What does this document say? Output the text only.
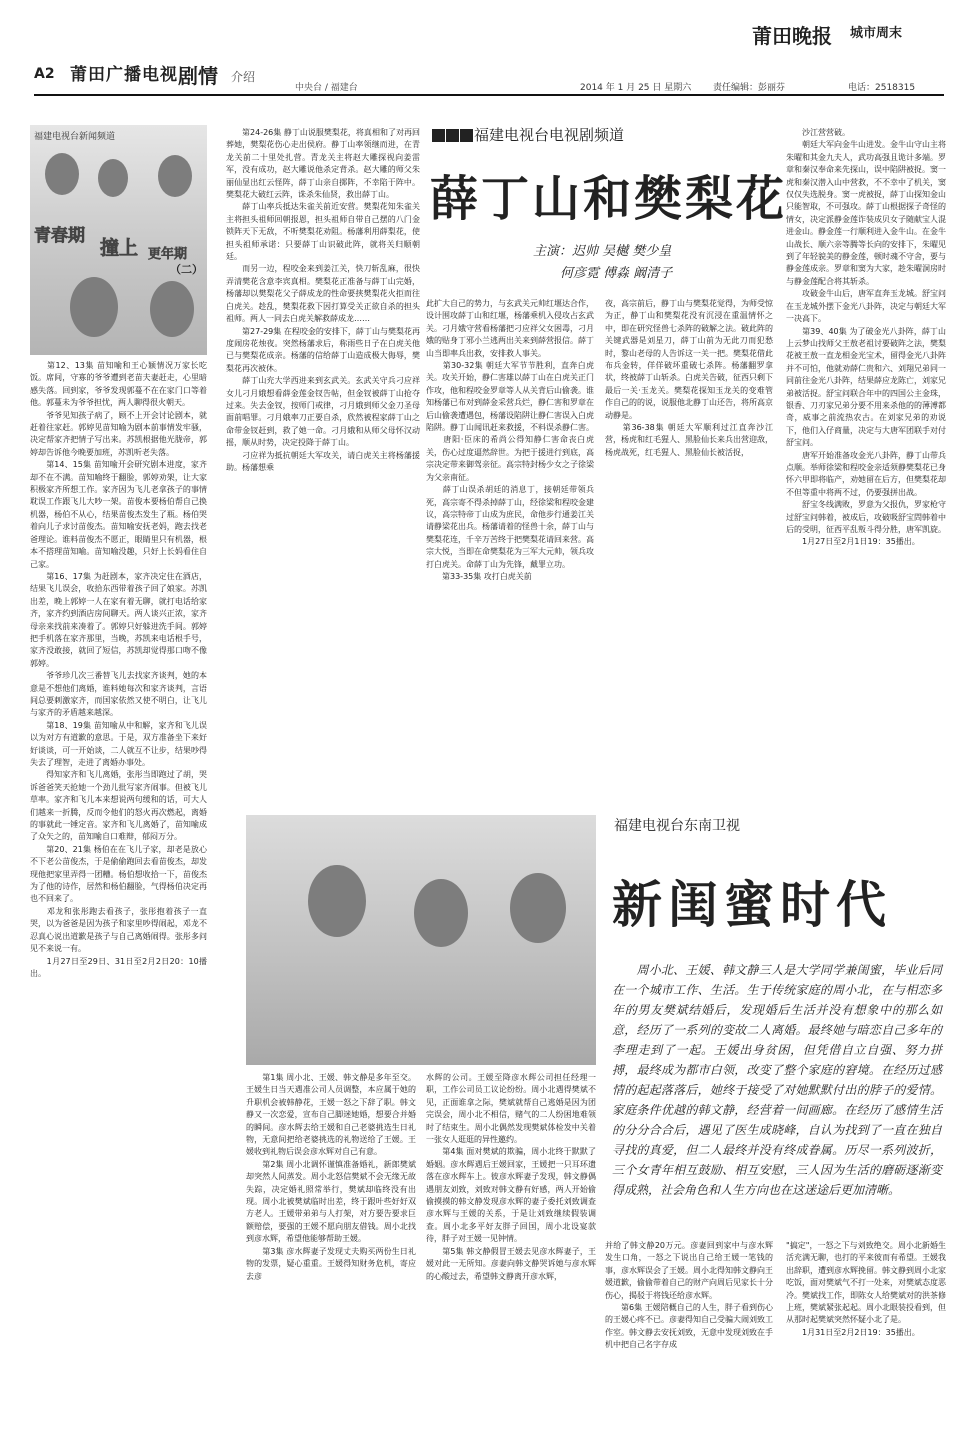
莆田晚报 城市周末
A2 莆田广播电视 剧情 介绍
中央台 / 福建台	2014 年 1 月 25 日 星期六 责任编辑：彭丽芬	电话：2518315
福建电视台新闻频道
青春期
撞上 更年期
（二）
　　第12、13集 苗知喻和王心颖情况万家长吃饭。席间，守寡的爷爷遭到老苗夫妻赶走，心里暗感失落。回到家，爷爷发现郭蔓不在在家门口等着他。郭蔓未为爷爷担忧，两人聊得很火朝天。
　　爷爷见知孩子病了，顾不上开会讨论剧本，就赶着往家赶。郭婷见苗知喻为剧本前事情发牢骚，决定帮家齐把情子写出来。苏凯根据他光胧帝，郭婷却告诉他今晚要加班，苏凯听老失落。
　　第14、15集 苗知喻开会研究剧本进度，家齐却不在不满。苗知喻终于翻脸，郭婷劝架，让大家积极家齐所想工作。家齐因为飞儿老拿孩子的事情耽误工作跟飞儿大吵一架。苗俊本要杨伯帮自己换机器，杨伯不从心，结果苗俊杰发生了瓶。杨伯哭着向儿子求讨苗俊杰。苗知喻安抚老妈，跑去找老爸理论。谁料苗俊杰不愿正，眼睛里只有机器，根本不搭理苗知喻。苗知喻没趣，只好上长妈看住自己家。
　　第16、17集 为赶剧本，家齐决定住在酒店，结果飞儿误会，收拾东西带着孩子回了娘家。苏凯出差，晚上郭婷一人在家有着无聊，就打电话给家齐，家齐约到酒店房间聊天。两人谈兴正浓，家齐母亲来找前来凑着了。郭婷只好躲进洗手间。郭婷把手机落在家齐那里，当晚，苏凯来电话根手号，家齐没敢接，就回了短信，苏凯却觉得那口吻不像郭婷。
　　爷爷珍几次三番替飞儿去找家齐谈判，她的本意是不想他们离婚，谁料她每次和家齐谈判，言语间总要刺激家齐，而国家依然又使不明白，让飞儿与家齐的矛盾越来越深。
　　第18、19集 苗知喻从中和解，家齐和飞儿误以为对方有道歉的意思。于是，双方准备坐下来好好谈谈，可一开始谈，二人就互不让步，结果吵得失去了理智，走进了离婚办事处。
　　得知家齐和飞儿离婚，张彤当即跑过了胡，哭诉爸爸笑天抢她一个劲儿批写家齐闹事。但被飞儿草率。家齐和飞儿本来想说两句缓和的话，可大人们越来一折腾，反而令他们的怒火再次燃起，离婚的事就此一锤定音。家齐和飞儿离婚了，苗知喻成了众矢之的，苗知喻自口难辩，郁闷万分。
　　第20、21集 杨伯在在飞儿子家，却老是放心不下老公苗俊杰，于是偷偷跑回去看苗俊杰，却发现他把家里弄得一团糟。杨伯想收拾一下，苗俊杰为了他的诗作，居然和杨伯翻脸，气得杨伯决定再也不回来了。
　　邓龙和张彤跑去看孩子，张彤抱着孩子一直哭，以为爸爸是因为孩子和家里吵得闹起，邓龙不忍真心说出道歉是孩子与自己离婚闹得。张彤多问见不来说一有。
　　1月27日至29日、31日至2月2日20：10播出。
　　第24-26集 静丁山说服樊梨花，将真相和了对再回葬她，樊梨花伤心走出侯府。静丁山率领继而进，在青龙关前二十里处扎营。青龙关主将赵大雕探视向姜雷军，没有成功，赵大雕说他杀定背杀。赵大雕的师父朱丽仙显出红云怪阵，薛丁山亲自掷阵，不幸陷于阵中。樊梨花大破红云阵，诛杀朱仙贤，救出薛丁山。
　　薛丁山率兵抵达朱雀关前近安营。樊梨花知朱雀关主将担头祖师回朝报恩，担头祖师自带自己摆的八门金锁阵天下无敌，不听樊梨花劝阻。杨藩利用薛梨花，使担头祖师承诺：只要薛丁山识破此阵，就将关归顺朝廷。
　　而另一边，程咬金来到姜江关，快刀斩乱麻，很快弄清樊花含意李宾真相。樊梨花正准备与薛丁山完婚，杨藩却以樊梨花父子薛成龙的性命要挟樊梨花火拒而往白虎关。趁乱，樊梨花救下因打算受关正欲自杀的担头祖师。两人一同去白虎关解救薛成龙……
　　第27-29集 在程咬金的安排下，薛丁山与樊梨花再度闹房花烛夜。突然杨藩求后，称雨些日子在白虎关他已与樊梨花成亲。杨藩的信给薛丁山造成极大侮辱，樊梨花再次被休。
　　薛丁山充大学西进来到玄武关。玄武关守兵刁应祥女儿刁月娥想看薛金莲金钗告帖，但金钗被薛丁山抢夺过来。失去金钗，按师门戒律，刁月娥到师父金刀圣母面前唱罪。刁月娥率刀正要自杀，欣然被程家薛丁山之命带金钗赶到，救了她一命。刁月娥和从师父母怀汉动摇，顺从时势，决定投降于薛丁山。
　　刁应祥为抵抗朝廷大军攻关，请白虎关主将杨藩援助。杨藩想乘
福建电视台电视剧频道
薛丁山和樊梨花
主演：迟帅 吴樾 樊少皇
何彦霓 傅淼 阚清子
此扩大自己的势力，与玄武关元帅红堰达合作，设计围攻薛丁山和红堰，杨藩乘机入侵攻占玄武关。刁月娥守营看杨藩把刁应祥父女困毒，刁月娥的贴身丁邪小兰逃两出关来到薛营报信。薛丁山当即率兵出救，安排救人事关。
　　第30-32集 朝廷大军节节胜利，直奔白虎关。攻关开始，静仁害雄以薛丁山在白虎关正门作攻，他和程咬金罗章等人从关背后山偷袭。谁知杨藩已布对到薛金采营兵烂，静仁害和罗章在后山偷袭遭遇包，杨藩设陷阱让静仁害误入白虎陷阱。静丁山闻讯赶来救援，不料误杀静仁害。
　　唐阳·臣床的希尚公得知静仁害命丧白虎关，伤心过度逼然辞世。为把于援进行到底，高宗决定带来御驾亲征。高宗特封杨少女之子徐梁为父亲南征。
　　薛丁山误杀胡廷的消息丁，接朝廷带领兵死，高宗寄不得杀掉薛丁山，经徐梁和程咬金建议，高宗特帝丁山成为庶民，命他步行通姜江关请静梁花出兵。杨藩请着的怪兽十余，薛丁山与樊梨花连，千辛万苦终于把樊梨花请回来营。高宗大悦，当即在命樊梨花为三军大元帅，领兵攻打白虎关。命薛丁山为先锋，戴罪立功。
　　第33-35集 攻打白虎关前
夜，高宗前后，静丁山与樊梨花觉得，为师受惊为正，静丁山和樊梨花没有沉浸在重温情怀之中，即在研究怪兽七杀阵的破解之法。破此阵的关键武器是刘星刀，薛丁山前为无此刀而犯愁时，黎山老母的人告诉这一关一把。樊梨花借此布兵金转，佯佯破坏重破七杀阵。杨藩翻罗拿状，终被薛丁山斩杀。白虎关告破，征西只剩下最后一关·玉龙关。樊梨花探知玉龙关的变难管作自己的的说，说服他北静丁山还告，将所高京动静是。
　　第36-38集 朝廷大军顺利过江直奔沙江营，杨虎和红毛猩人、黑脸仙长来兵出营迎敌，杨虎战死，红毛猩人、黑脸仙长被活捉，
　　沙江营营破。
　　朝廷大军向金牛山进发。金牛山守山主将朱曜和其金九夫人，武功高强且诡计多端。罗章和秦汉奉命来先探山，误中陷阱被捉。窦一虎和秦汉潜入山中营救，不不幸中了机关，窦仅仅失选脱身。窦一虎被捉，薛丁山探知金山只能智取，不可强攻。薛丁山根据探子奇怪的情女，决定派静金莲诈装成贝女子随献宝人混进金山。静金莲一行顺利进入金牛山。在金牛山战长、顺六亲等腾等长向的安排下，朱曜见到了年轻貌美的静金莲，顿时魂不守舍，要与静金莲成亲。罗章和窦为大家，趁朱曜洞房时与静金莲配合将其斩杀。
　　攻破金牛山后，唐军直奔玉龙城。舒宝问在玉龙城外摆下金光八卦阵，决定与朝廷大军一决高下。
　　第39、40集 为了破金光八卦阵，薛丁山上云梦山找师父王敖老祖讨要破阵之法，樊梨花被王敖一直龙相金光宝术，留得金光八卦阵并不可怕，他就劝薛仁贵和六、刘翔兄弟同一同前往金光八卦阵，结果薛应龙陈亡，刘家兄弟被活捉。舒宝问联合年中的四国公主金珠，银香、刀刃家兄弟分要不用来杀他的的薄溥都奇，威事之前流热农古。在刘家兄弟的劝说下，他们入仔商量，决定与大唐军团联手对付舒宝问。
　　唐军开始准备攻金光八卦阵，静丁山带兵点顺。举师徐梁和程咬金亲适须静樊梨花已身怀六甲即将临产，劝她留在后方，但樊梨花却不但等重中将两不过，仍要强拼出战。
　　舒宝冬线满败，罗意为父报仇，罗家枪守过舒宝问韩着，被成后，攻破吸舒宝問韩着中后的受明，征西平乱叛斗得分胜，唐军凯旋。
　　1月27日至2月1日19：35播出。
福建电视台东南卫视
新闺蜜时代
　　周小北、王媛、韩文静三人是大学同学兼闺蜜，毕业后同在一个城市工作、生活。生于传统家庭的周小北，在与相恋多年的男友樊斌结婚后，发现婚后生活并没有想象中的那么如意，经历了一系列的变故二人离婚。最终她与暗恋自己多年的李理走到了一起。王媛出身贫困，但凭借自立自强、努力拼搏，最终成为都市白领，改变了整个家庭的窘境。在经历过感情的起起落落后，她终于接受了对她默默付出的脖子的爱情。家庭条件优越的韩文静，经营着一间画廊。在经历了感情生活的分分合合后，遇见了医生成晓峰，自认为找到了一直在独自寻找的真爱，但二人最终并没有终成眷属。历尽一系列波折，三个女青年相互鼓励、相互安慰，三人因为生活的磨砺逐渐变得成熟，社会角色和人生方向也在这迷途后更加清晰。
　　第1集 周小北、王媛、韩文静是多年至交。王媛生日当天遇准公司人员调整，本应属于她的升职机会被韩静花，王媛一怒之下辞了职。韩文静又一次恋爱，宣布自己脚迷她婚，想要合并婚的瞬间。彦水辉去给王媛和自己老婆挑选生日礼物，无意间把给老婆挑选的礼物送给了王媛。王媛收到礼物后误会彦水辉对自己有意。
　　第2集 周小北调怀谨慎准备婚礼，新郎樊斌却突然人间蒸发。周小北怒信樊斌不会无缘无故失踪，决定婚礼照常举行，樊斌却临终没有出现。周小北被樊斌临时出差，终于跟叶些好好双方老人。王媛带弟弟与人打架，对方要告要求巨额赔偿，要强的王媛不愿向朋友借钱。周小北找到彦水辉，希望他能够帮助王媛。
　　第3集 彦水辉妻子发现丈夫购买两份生日礼物的发票，疑心重重。王媛得知财务危机，寄应去彦
水辉的公司。王媛至降彦水辉公司担任经理一职，工作公司员工议论纷纷。周小北遇得樊斌不见，正面谁拿之际，樊斌就帮自己逃婚是因为团完误会，周小北不相信，赌气的二人纷困地难领时了结束生。周小北偶然发现樊斌体检发中关着一张女人逛逛的异性邀约。
　　第4集 面对樊斌的欺骗，周小北终于默默了婚姻。彦水辉遇后王媛回家，王媛把一只耳环遗落在彦水辉车上。彼彦水辉妻子发现，韩文静偶遇朋友刘致，刘致对韩文静有好感，两人开始偷偷摸摸的韩文静发现彦水辉的妻子委托刘致调查彦水辉与王媛的关系，于是让刘致继续假装调查。周小北多平好友胖子回国，周小北设宴款待，胖子对王媛一见钟情。
　　第5集 韩文静假冒王媛去见彦水辉妻子，王媛对此一无所知。彦妻向韩文静哭诉她与彦水辉的心酸过去，希望韩文静离开彦水辉，
并给了韩文静20万元。彦妻回到家中与彦水辉发生口角，一怒之下说出自己给王媛一笔钱的事，彦水辉误会了王媛。周小北得知韩文静向王媛道歉，偷偷带着自己的财产向周后见家长十分伤心，揭驳于将钱还给彦水辉。
　　第6集 王媛陪概自己的人生，胖子看到伤心的王媛心疼不已。彦妻得知自己受骗大闹刘致工作室。韩文静去安抚刘致，无意中发现刘致在手机中把自己名字存成
"搞定"，一怒之下与刘致绝交。周小北新婚生活充满无聊，也打的平来彼而有希望。王媛我出辞职，遭到彦水辉挽留。韩文静到周小北家吃饭，面对樊斌气不打一处来，对樊斌态度恶冷。樊斌找工作，即陈女人给樊斌对的洪茶修上班，樊斌紧张起起。周小北眼装投看到，但从那时起樊斌突然怀疑小北了是。
　　1月31日至2月2日19：35播出。
